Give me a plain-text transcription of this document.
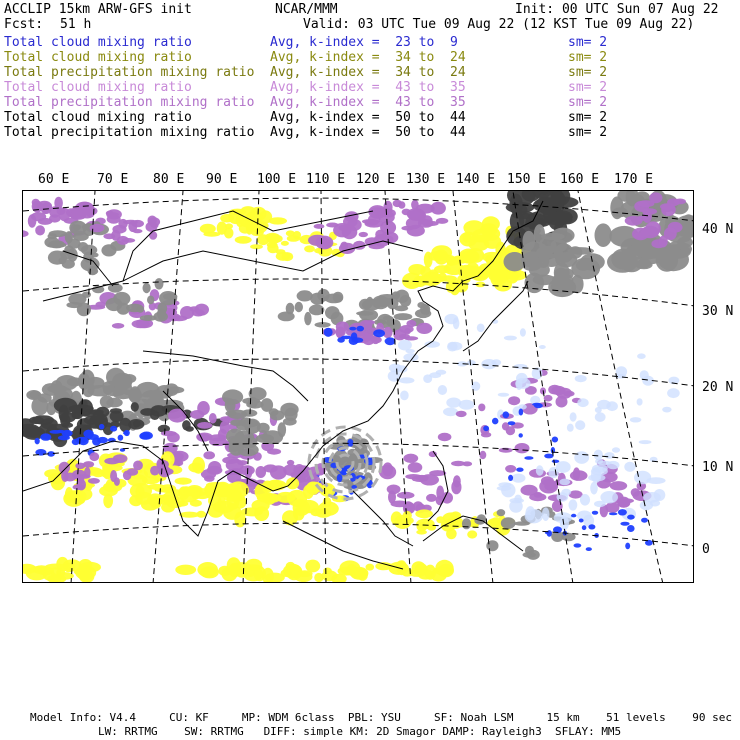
ACCLIP 15km ARW-GFS init	NCAR/MMM	Init: 00 UTC Sun 07 Aug 22
Fcst: 51 h	Valid: 03 UTC Tue 09 Aug 22 (12 KST Tue 09 Aug 22)
Total cloud mixing ratio	Avg, k-index =  23 to  9	sm= 2
Total cloud mixing ratio	Avg, k-index =  34 to  24	sm= 2
Total precipitation mixing ratio Avg, k-index =  34 to  24	sm= 2
Total cloud mixing ratio	Avg, k-index =  43 to  35	sm= 2
Total precipitation mixing ratio Avg, k-index =  43 to  35	sm= 2
Total cloud mixing ratio	Avg, k-index =  50 to  44	sm= 2
Total precipitation mixing ratio Avg, k-index =  50 to  44	sm= 2
60 E 70 E 80 E 90 E 100 E 110 E 120 E 130 E 140 E 150 E 160 E 170 E
40 N
30 N
20 N
10 N
0
Model Info: V4.4     CU: KF     MP: WDM 6class  PBL: YSU     SF: Noah LSM     15 km    51 levels    90 sec
LW: RRTMG    SW: RRTMG   DIFF: simple KM: 2D Smagor DAMP: Rayleigh3  SFLAY: MM5
